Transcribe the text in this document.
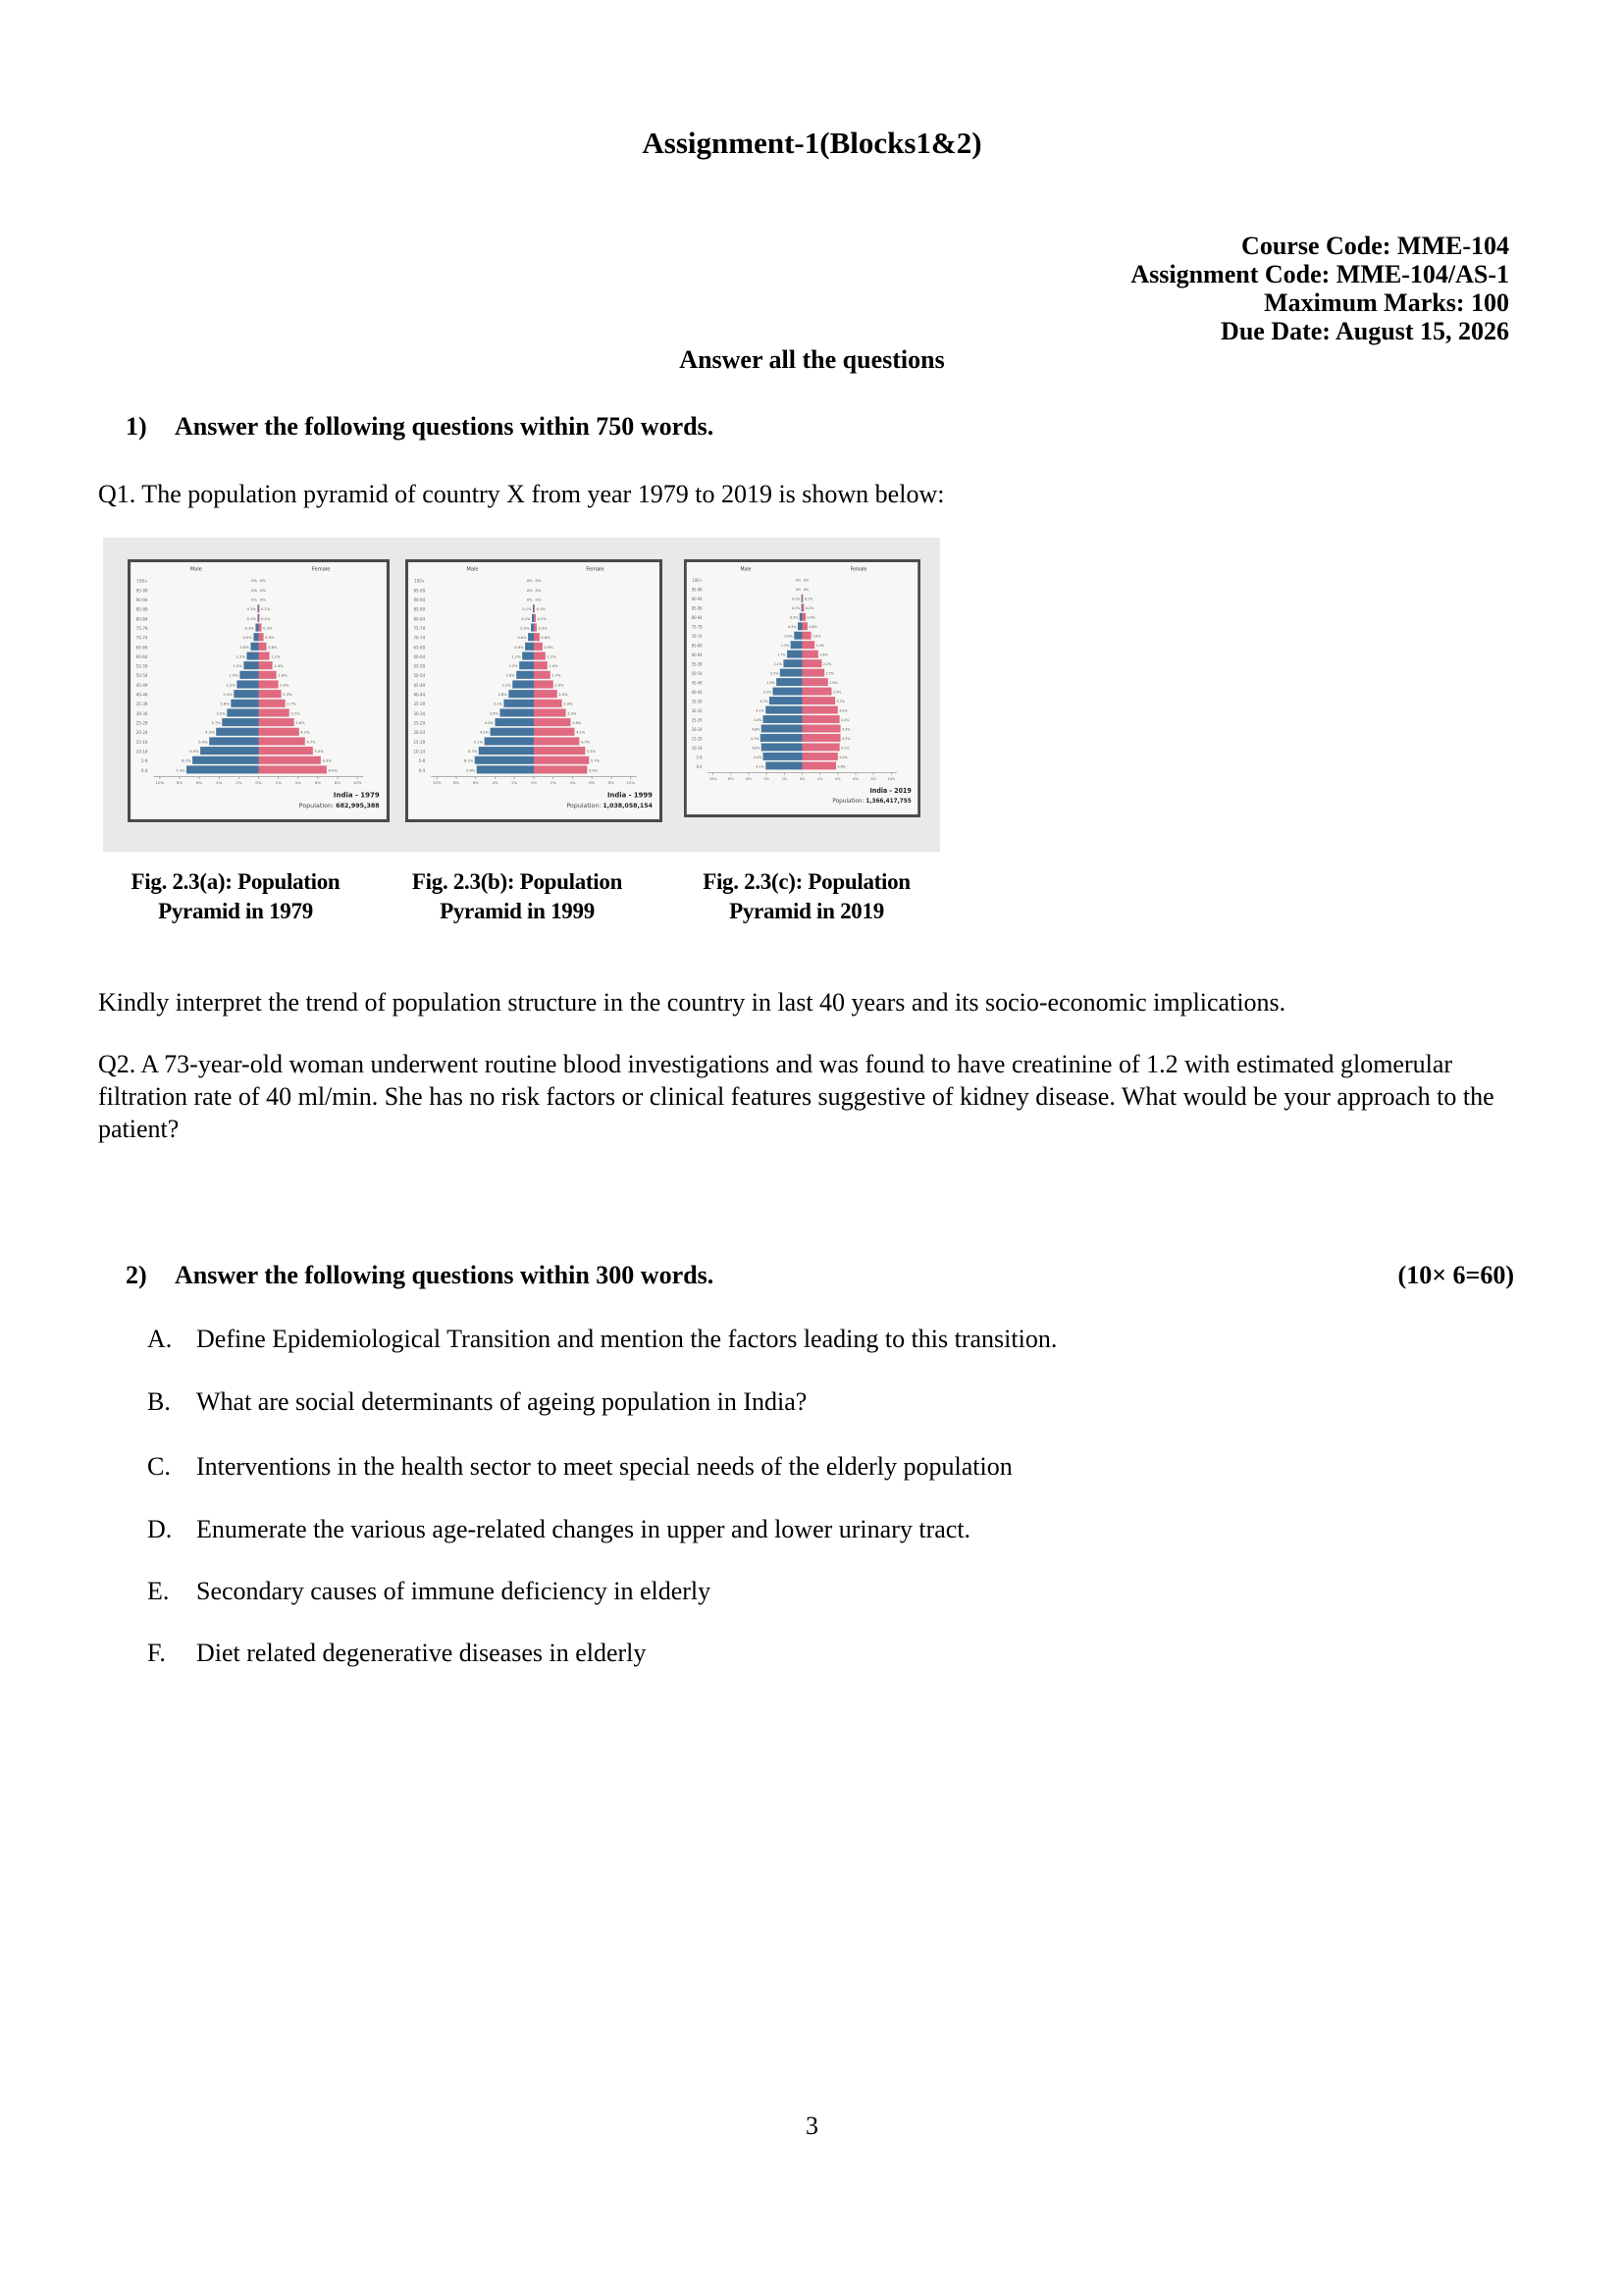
Assignment-1(Blocks1&2)
Course Code: MME-104
Assignment Code: MME-104/AS-1
Maximum Marks: 100
Due Date: August 15, 2026
Answer all the questions
1)	Answer the following questions within 750 words.
Q1. The population pyramid of country X from year 1979 to 2019 is shown below:
Male	Female
100+	0% 0%
95-99	0% 0%
90-94	0% 0%
85-89	0.1% 0.1%
80-84	0.1% 0.1%
75-79	0.3%	0.3%
70-74	0.5%	0.5%
65-69	0.8%	0.8%
60-64	1.2%	1.1%
55-59	1.5%	1.4%
50-54	1.9%	1.8%
45-49	2.2%	2.0%
40-44	2.5%	2.3%
35-39	2.8%	2.7%
30-34	3.2%	3.1%
25-29	3.7%	3.6%
20-24	4.3%	4.1%
15-19	5.0%	4.7%
10-14	5.9%	5.5%
5-9	6.7%	6.3%
0-4	7.3%	6.9%
10%	8%	6%	4%	2%	0%	2%	4%	6%	8%	10%
India - 1979
Population: 682,995,388
Male	Female
100+	0% 0%
95-99	0% 0%
90-94	0% 0%
85-89	0.1% 0.1%
80-84	0.2% 0.2%
75-79	0.3% 0.3%
70-74	0.6%	0.6%
65-69	0.9%	0.9%
60-64	1.2%	1.2%
55-59	1.5%	1.4%
50-54	1.8%	1.7%
45-49	2.2%	2.0%
40-44	2.6%	2.4%
35-39	3.1%	2.9%
30-34	3.5%	3.3%
25-29	4.0%	3.8%
20-24	4.5%	4.2%
15-19	5.1%	4.7%
10-14	5.7%	5.3%
5-9	6.1%	5.7%
0-4	5.9%	5.5%
10%	8%	6%	4%	2%	0%	2%	4%	6%	8%	10%
India - 1999
Population: 1,038,058,154
Male	Female
100+	0% 0%
95-99	0% 0%
90-94	0.1% 0.1%
85-89	0.1% 0.2%
80-84	0.3%	0.4%
75-79	0.5%	0.6%
70-74	0.9%	1.0%
65-69	1.3%	1.4%
60-64	1.7%	1.8%
55-59	2.1%	2.2%
50-54	2.5%	2.5%
45-49	2.9%	2.9%
40-44	3.3%	3.3%
35-39	3.7%	3.7%
30-34	4.1%	4.0%
25-29	4.4%	4.2%
20-24	4.6%	4.3%
15-19	4.7%	4.3%
10-14	4.6%	4.2%
5-9	4.4%	4.0%
0-4	4.1%	3.8%
10%	8%	6%	4%	2%	0%	2%	4%	6%	8%	10%
India - 2019
Population: 1,366,417,755
Fig. 2.3(a): Population
Pyramid in 1979
Fig. 2.3(b): Population
Pyramid in 1999
Fig. 2.3(c): Population
Pyramid in 2019
Kindly interpret the trend of population structure in the country in last 40 years and its socio-economic implications.
Q2. A 73-year-old woman underwent routine blood investigations and was found to have creatinine of 1.2 with estimated glomerular filtration rate of 40 ml/min. She has no risk factors or clinical features suggestive of kidney disease. What would be your approach to the patient?
2)	Answer the following questions within 300 words.	(10× 6=60)
A. Define Epidemiological Transition and mention the factors leading to this transition.
B. What are social determinants of ageing population in India?
C. Interventions in the health sector to meet special needs of the elderly population
D. Enumerate the various age-related changes in upper and lower urinary tract.
E. Secondary causes of immune deficiency in elderly
F. Diet related degenerative diseases in elderly
3
